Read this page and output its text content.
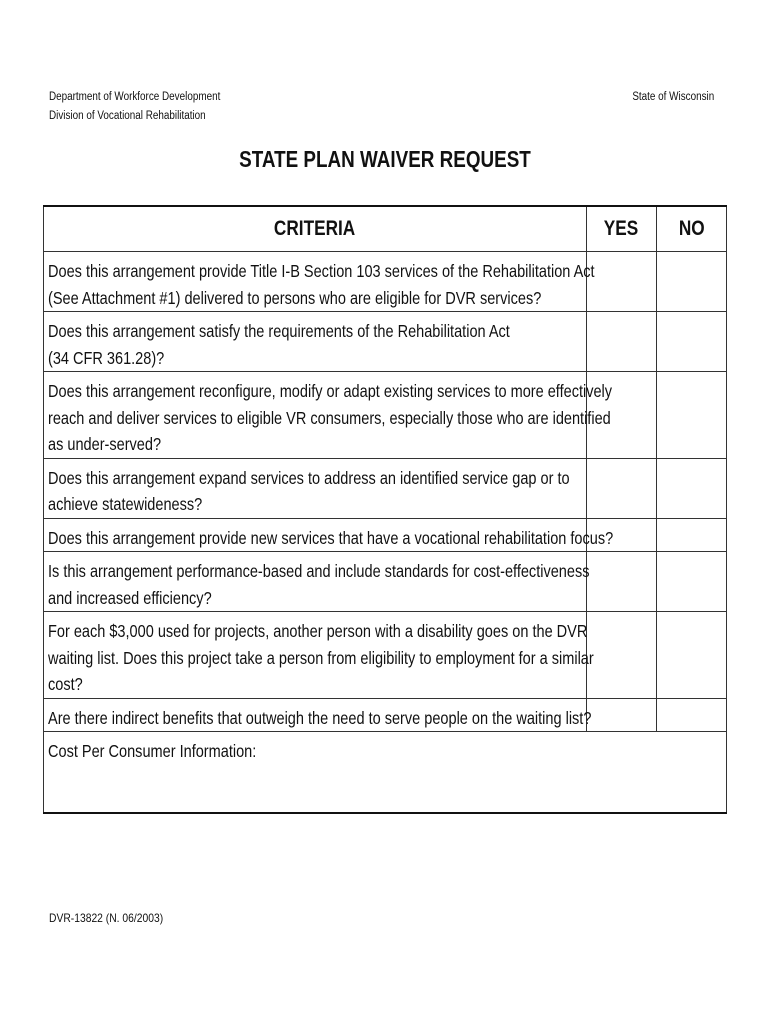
Department of Workforce Development
Division of Vocational Rehabilitation
State of Wisconsin
STATE PLAN WAIVER REQUEST
CRITERIA	YES	NO

Does this arrangement provide Title I-B Section 103 services of the Rehabilitation Act
(See Attachment #1) delivered to persons who are eligible for DVR services?		

Does this arrangement satisfy the requirements of the Rehabilitation Act
(34 CFR 361.28)?		

Does this arrangement reconfigure, modify or adapt existing services to more effectively
reach and deliver services to eligible VR consumers, especially those who are identified
as under-served?		

Does this arrangement expand services to address an identified service gap or to
achieve statewideness?		

Does this arrangement provide new services that have a vocational rehabilitation focus?		

Is this arrangement performance-based and include standards for cost-effectiveness
and increased efficiency?		

For each $3,000 used for projects, another person with a disability goes on the DVR
waiting list. Does this project take a person from eligibility to employment for a similar
cost?		

Are there indirect benefits that outweigh the need to serve people on the waiting list?		

Cost Per Consumer Information:		
DVR-13822 (N. 06/2003)
